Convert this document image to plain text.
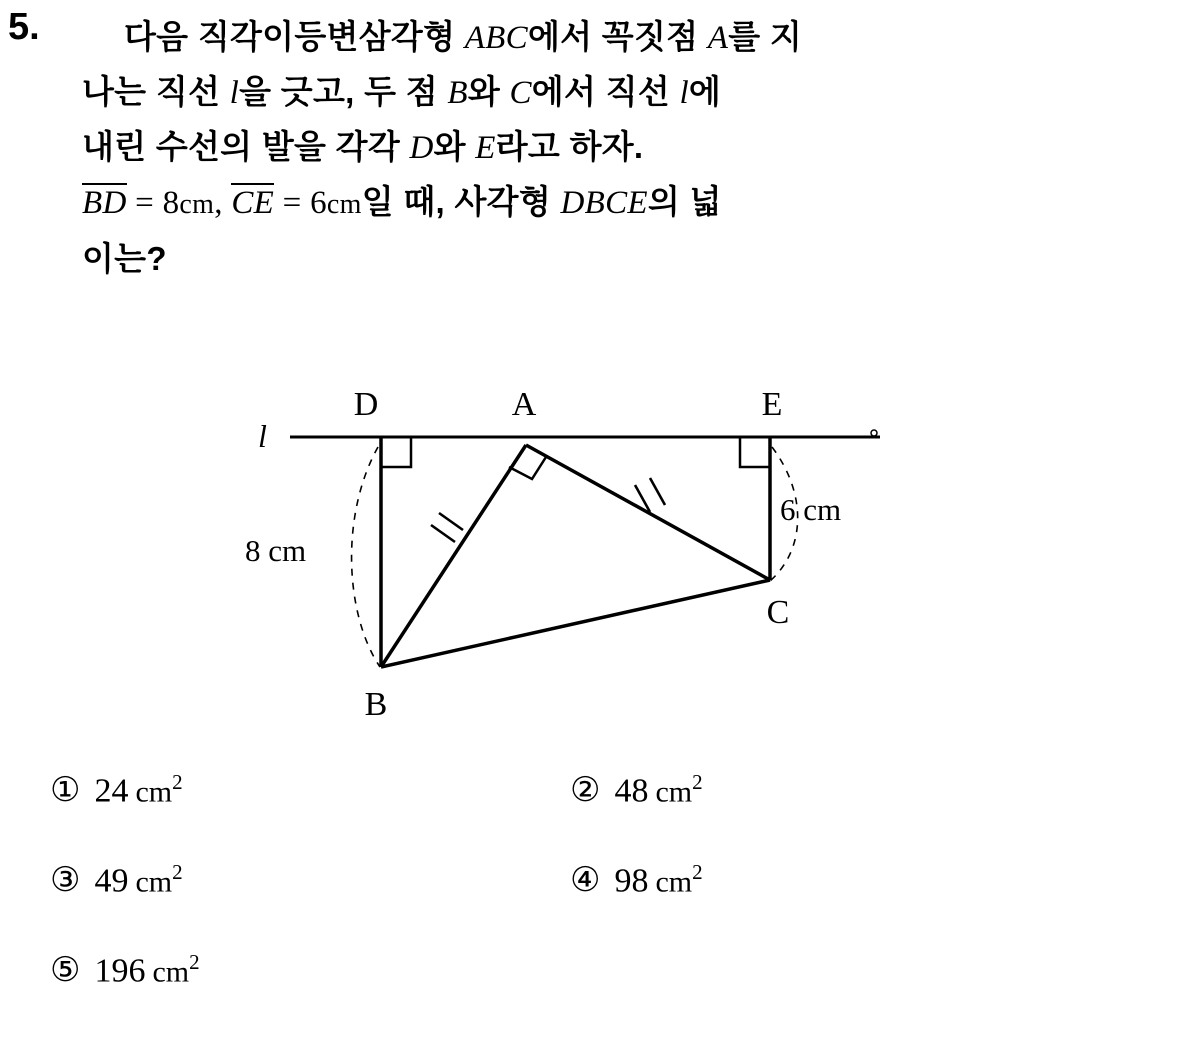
5.	다음 직각이등변삼각형 ABC에서 꼭짓점 A를 지
나는 직선 l을 긋고, 두 점 B와 C에서 직선 l에
내린 수선의 발을 각각 D와 E라고 하자.
BD = 8cm, CE = 6cm일 때, 사각형 DBCE의 넓
이는?
l
D	A	E
B
C
8 cm
6 cm
① 24 $cm^2$	② 48 $cm^2$
③ 49 $cm^2$	④ 98 $cm^2$
⑤ 196 $cm^2$
